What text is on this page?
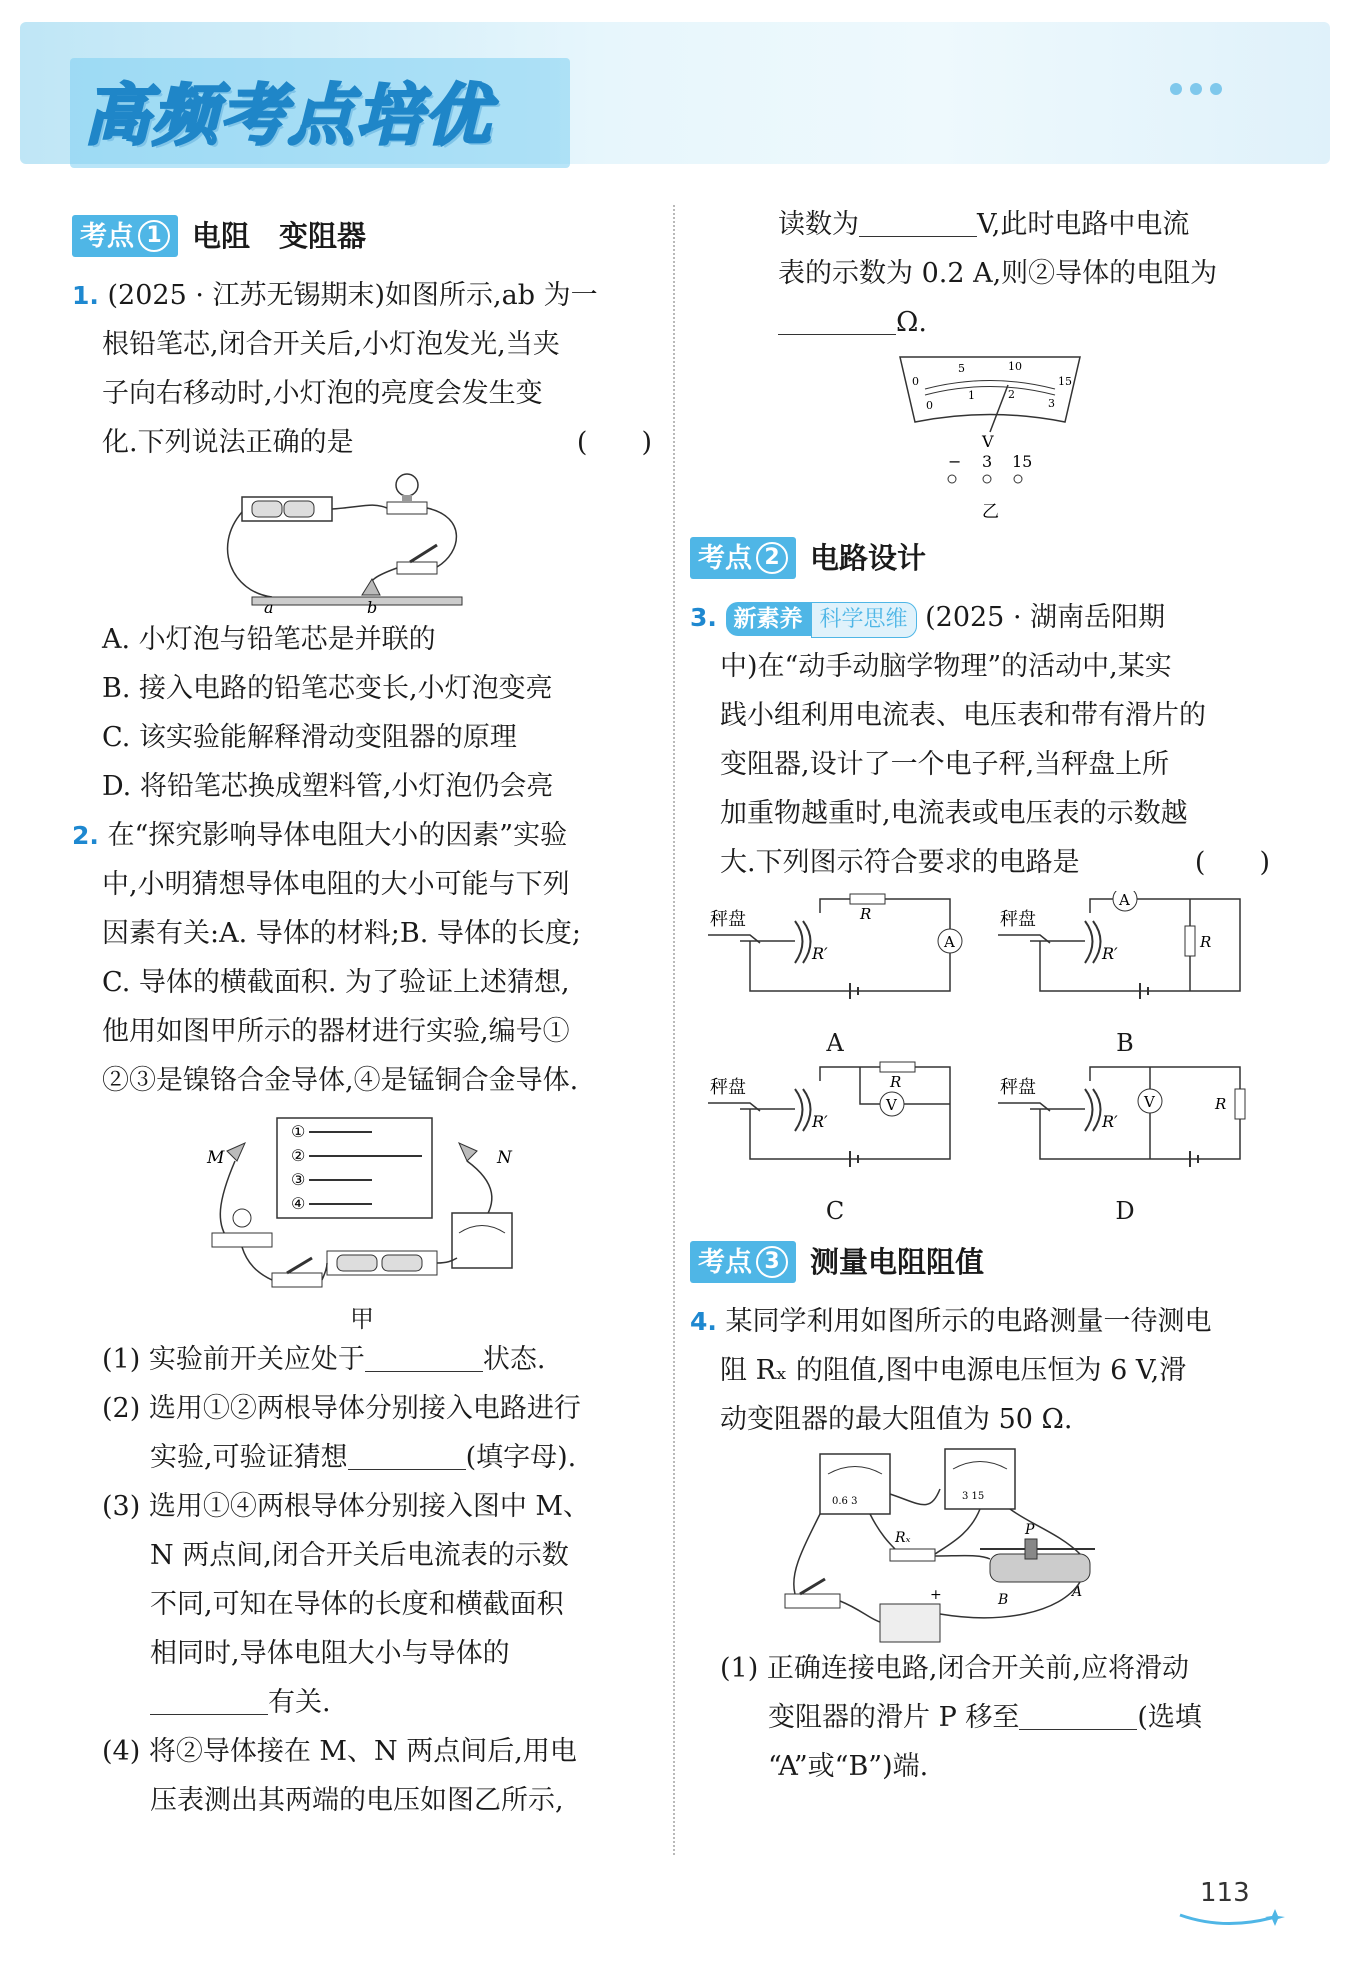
高频考点培优
考点 1 电阻　变阻器

1. (2025 · 江苏无锡期末)如图所示,ab 为一

根铅笔芯,闭合开关后,小灯泡发光,当夹

子向右移动时,小灯泡的亮度会发生变

化.下列说法正确的是	(　　)

a	b

A. 小灯泡与铅笔芯是并联的

B. 接入电路的铅笔芯变长,小灯泡变亮

C. 该实验能解释滑动变阻器的原理

D. 将铅笔芯换成塑料管,小灯泡仍会亮

2. 在“探究影响导体电阻大小的因素”实验

中,小明猜想导体电阻的大小可能与下列

因素有关:A. 导体的材料;B. 导体的长度;

C. 导体的横截面积. 为了验证上述猜想,

他用如图甲所示的器材进行实验,编号①

②③是镍铬合金导体,④是锰铜合金导体.

①
②
③
④
M	N
甲

(1) 实验前开关应处于	状态.

(2) 选用①②两根导体分别接入电路进行

实验,可验证猜想	(填字母).

(3) 选用①④两根导体分别接入图中 M、

N 两点间,闭合开关后电流表的示数

不同,可知在导体的长度和横截面积

相同时,导体电阻大小与导体的

有关.

(4) 将②导体接在 M、N 两点间后,用电

压表测出其两端的电压如图乙所示,

读数为	V,此时电路中电流

表的示数为 0.2 A,则②导体的电阻为

Ω.

0
5	10
15
0
1	2
3
V
− 3 15
乙
考点 2 电路设计

3. 新素养 科学思维 (2025 · 湖南岳阳期

中)在“动手动脑学物理”的活动中,某实

践小组利用电流表、电压表和带有滑片的

变阻器,设计了一个电子秤,当秤盘上所

加重物越重时,电流表或电压表的示数越

大.下列图示符合要求的电路是	(　　)

秤盘
R′
R
A
A
秤盘
R′
A
R
B
秤盘
R′
R
V
C
秤盘
R′
V	R
D
考点 3 测量电阻阻值

4. 某同学利用如图所示的电路测量一待测电

阻 Rₓ 的阻值,图中电源电压恒为 6 V,滑

动变阻器的最大阻值为 50 Ω.

0.6 3	3 15
Rₓ	P
B	A
+

(1) 正确连接电路,闭合开关前,应将滑动

变阻器的滑片 P 移至	(选填

“A”或“B”)端.

113
